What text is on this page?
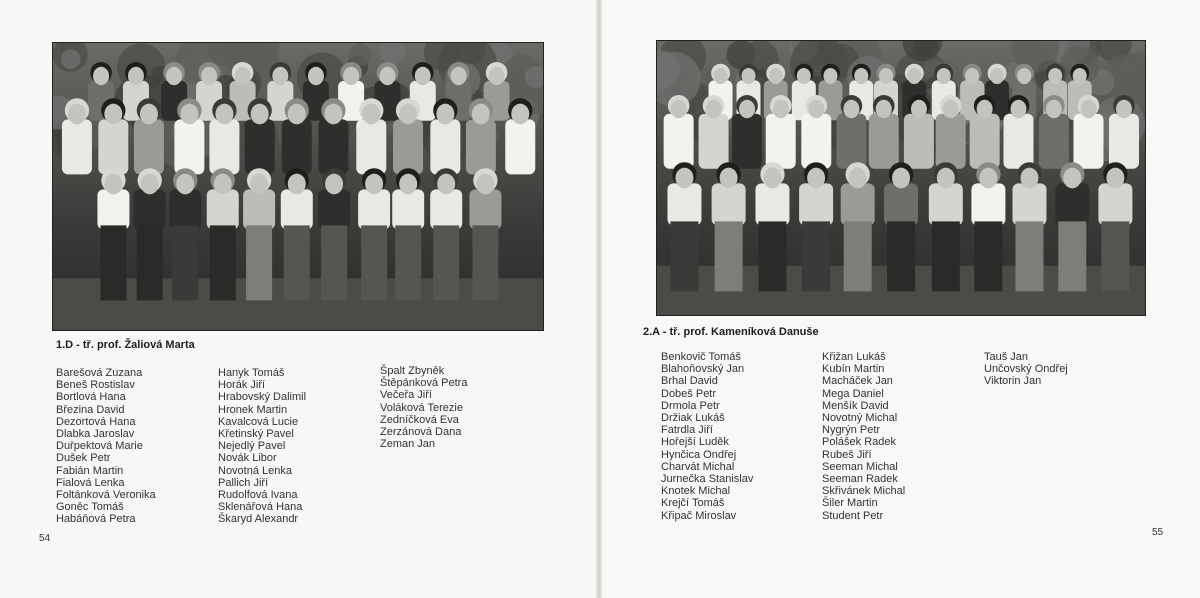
1.D - tř. prof. Žaliová Marta
Barešová Zuzana
Beneš Rostislav
Bortlová Hana
Březina David
Dezortová Hana
Dlabka Jaroslav
Duřpektová Marie
Dušek Petr
Fabián Martin
Fialová Lenka
Foltánková Veronika
Goněc Tomáš
Habáňová Petra
Hanyk Tomáš
Horák Jiří
Hrabovský Dalimil
Hronek Martin
Kavalcová Lucie
Křetinský Pavel
Nejedlý Pavel
Novák Libor
Novotná Lenka
Pallich Jiří
Rudolfová Ivana
Sklenářová Hana
Škaryd Alexandr
Špalt Zbyněk
Štěpánková Petra
Večeřa Jiří
Voláková Terezie
Zedníčková Eva
Zerzánová Dana
Zeman Jan
54
2.A - tř. prof. Kameníková Danuše
Benkovič Tomáš
Blahoňovský Jan
Brhal David
Dobeš Petr
Drmola Petr
Držiak Lukáš
Fatrdla Jiří
Hořejší Luděk
Hynčica Ondřej
Charvát Michal
Jurnečka Stanislav
Knotek Michal
Krejčí Tomáš
Křipač Miroslav
Křižan Lukáš
Kubín Martin
Macháček Jan
Mega Daniel
Menšík David
Novotný Michal
Nygrýn Petr
Polášek Radek
Rubeš Jiří
Seeman Michal
Seeman Radek
Skřivánek Michal
Šiler Martin
Student Petr
Tauš Jan
Unčovský Ondřej
Viktorin Jan
55
